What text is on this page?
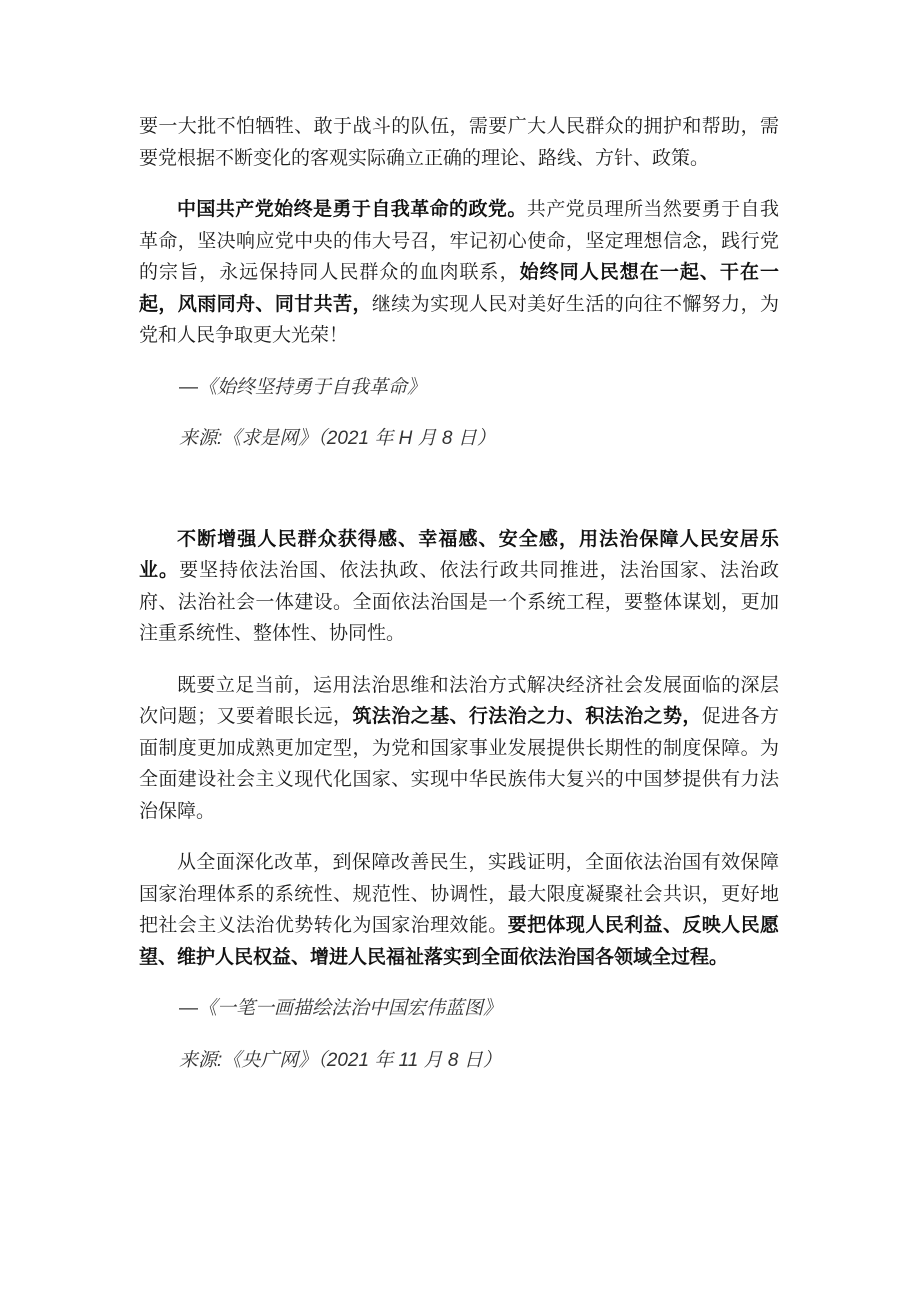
要一大批不怕牺牲、敢于战斗的队伍，需要广大人民群众的拥护和帮助，需要党根据不断变化的客观实际确立正确的理论、路线、方针、政策。

中国共产党始终是勇于自我革命的政党。共产党员理所当然要勇于自我革命，坚决响应党中央的伟大号召，牢记初心使命，坚定理想信念，践行党的宗旨，永远保持同人民群众的血肉联系，始终同人民想在一起、干在一起，风雨同舟、同甘共苦，继续为实现人民对美好生活的向往不懈努力，为党和人民争取更大光荣！

—《始终坚持勇于自我革命》

来源:《求是网》（2021 年 H 月 8 日）

不断增强人民群众获得感、幸福感、安全感，用法治保障人民安居乐业。要坚持依法治国、依法执政、依法行政共同推进，法治国家、法治政府、法治社会一体建设。全面依法治国是一个系统工程，要整体谋划，更加注重系统性、整体性、协同性。

既要立足当前，运用法治思维和法治方式解决经济社会发展面临的深层次问题；又要着眼长远，筑法治之基、行法治之力、积法治之势，促进各方面制度更加成熟更加定型，为党和国家事业发展提供长期性的制度保障。为全面建设社会主义现代化国家、实现中华民族伟大复兴的中国梦提供有力法治保障。

从全面深化改革，到保障改善民生，实践证明，全面依法治国有效保障国家治理体系的系统性、规范性、协调性，最大限度凝聚社会共识，更好地把社会主义法治优势转化为国家治理效能。要把体现人民利益、反映人民愿望、维护人民权益、增进人民福祉落实到全面依法治国各领域全过程。

—《一笔一画描绘法治中国宏伟蓝图》

来源:《央广网》（2021 年 11 月 8 日）
